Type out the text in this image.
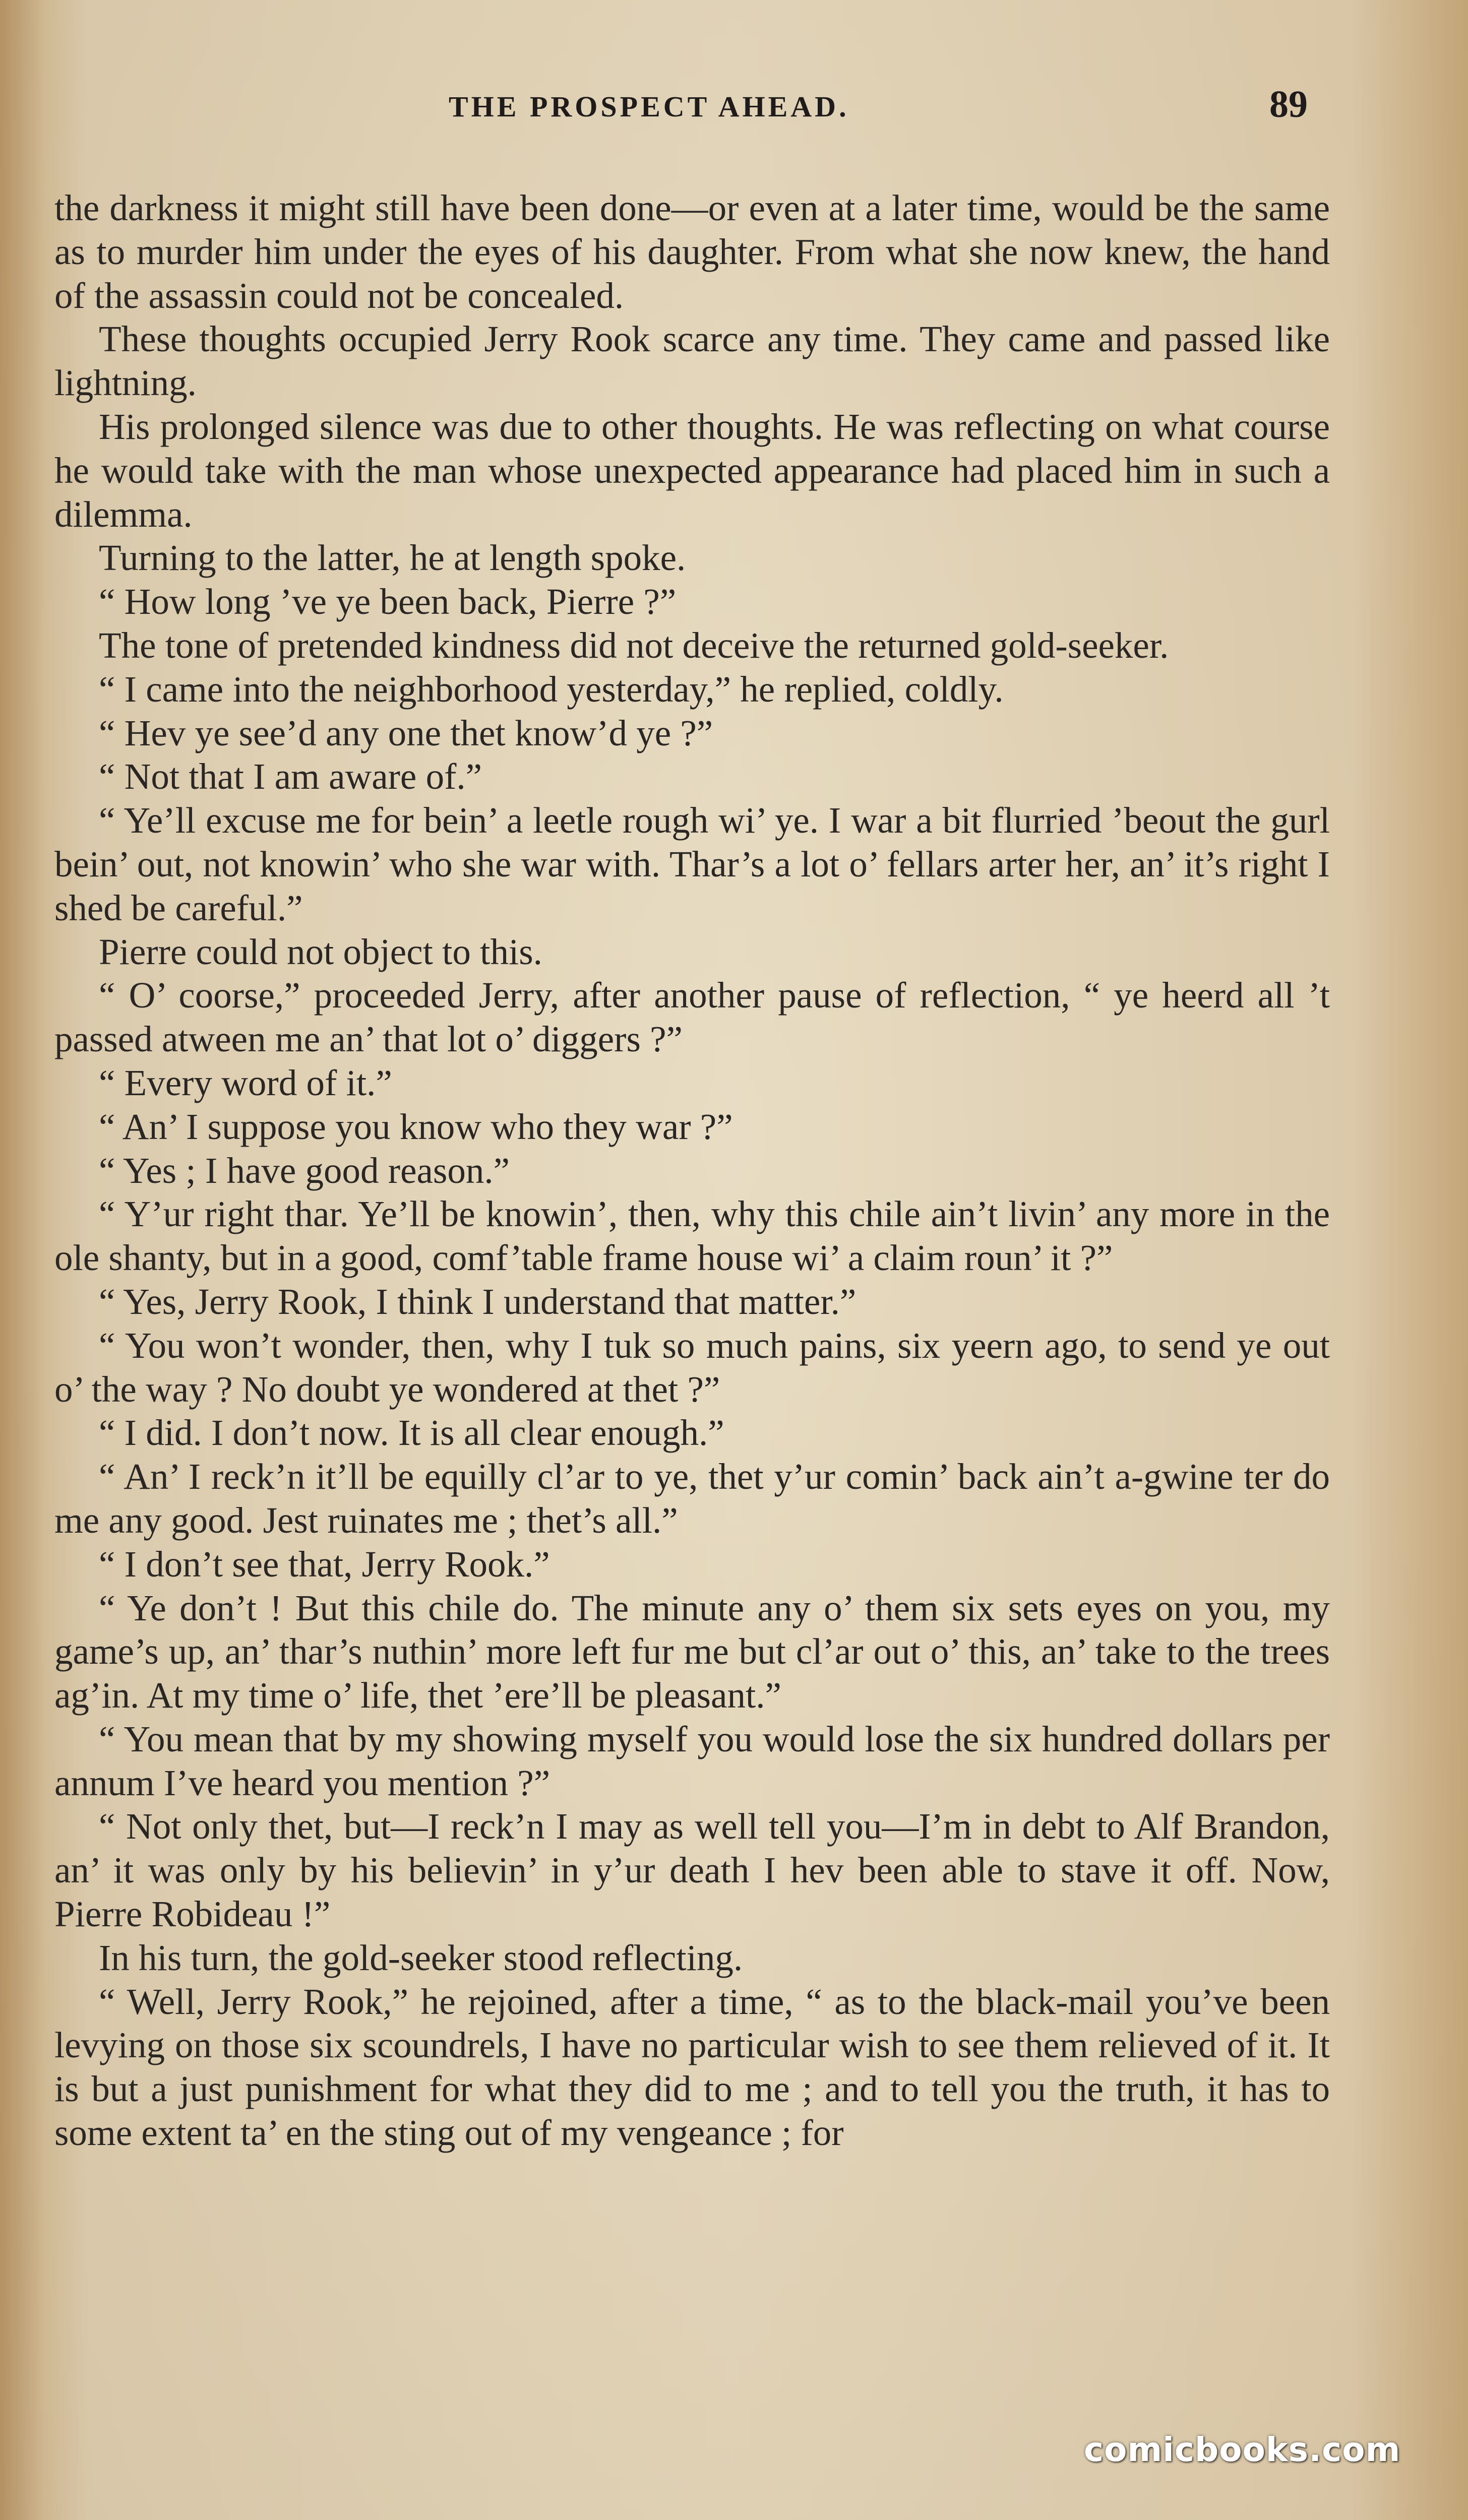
THE PROSPECT AHEAD.	89

the darkness it might still have been done—or even at a later time, would be the same as to murder him under the eyes of his daughter. From what she now knew, the hand of the assassin could not be concealed.

These thoughts occupied Jerry Rook scarce any time. They came and passed like lightning.

His prolonged silence was due to other thoughts. He was reflecting on what course he would take with the man whose unexpected appearance had placed him in such a dilemma.

Turning to the latter, he at length spoke.

“ How long ’ve ye been back, Pierre ?”

The tone of pretended kindness did not deceive the returned gold-seeker.

“ I came into the neighborhood yesterday,” he replied, coldly.

“ Hev ye see’d any one thet know’d ye ?”

“ Not that I am aware of.”

“ Ye’ll excuse me for bein’ a leetle rough wi’ ye. I war a bit flurried ’beout the gurl bein’ out, not knowin’ who she war with. Thar’s a lot o’ fellars arter her, an’ it’s right I shed be careful.”

Pierre could not object to this.

“ O’ coorse,” proceeded Jerry, after another pause of reflection, “ ye heerd all ’t passed atween me an’ that lot o’ diggers ?”

“ Every word of it.”

“ An’ I suppose you know who they war ?”

“ Yes ; I have good reason.”

“ Y’ur right thar. Ye’ll be knowin’, then, why this chile ain’t livin’ any more in the ole shanty, but in a good, comf’table frame house wi’ a claim roun’ it ?”

“ Yes, Jerry Rook, I think I understand that matter.”

“ You won’t wonder, then, why I tuk so much pains, six yeern ago, to send ye out o’ the way ? No doubt ye wondered at thet ?”

“ I did. I don’t now. It is all clear enough.”

“ An’ I reck’n it’ll be equilly cl’ar to ye, thet y’ur comin’ back ain’t a-gwine ter do me any good. Jest ruinates me ; thet’s all.”

“ I don’t see that, Jerry Rook.”

“ Ye don’t ! But this chile do. The minute any o’ them six sets eyes on you, my game’s up, an’ thar’s nuthin’ more left fur me but cl’ar out o’ this, an’ take to the trees ag’in. At my time o’ life, thet ’ere’ll be pleasant.”

“ You mean that by my showing myself you would lose the six hundred dollars per annum I’ve heard you mention ?”

“ Not only thet, but—I reck’n I may as well tell you—I’m in debt to Alf Brandon, an’ it was only by his believin’ in y’ur death I hev been able to stave it off. Now, Pierre Robideau !”

In his turn, the gold-seeker stood reflecting.

“ Well, Jerry Rook,” he rejoined, after a time, “ as to the black-mail you’ve been levying on those six scoundrels, I have no particular wish to see them relieved of it. It is but a just punishment for what they did to me ; and to tell you the truth, it has to some extent ta’ en the sting out of my vengeance ; for

comicbooks.com
